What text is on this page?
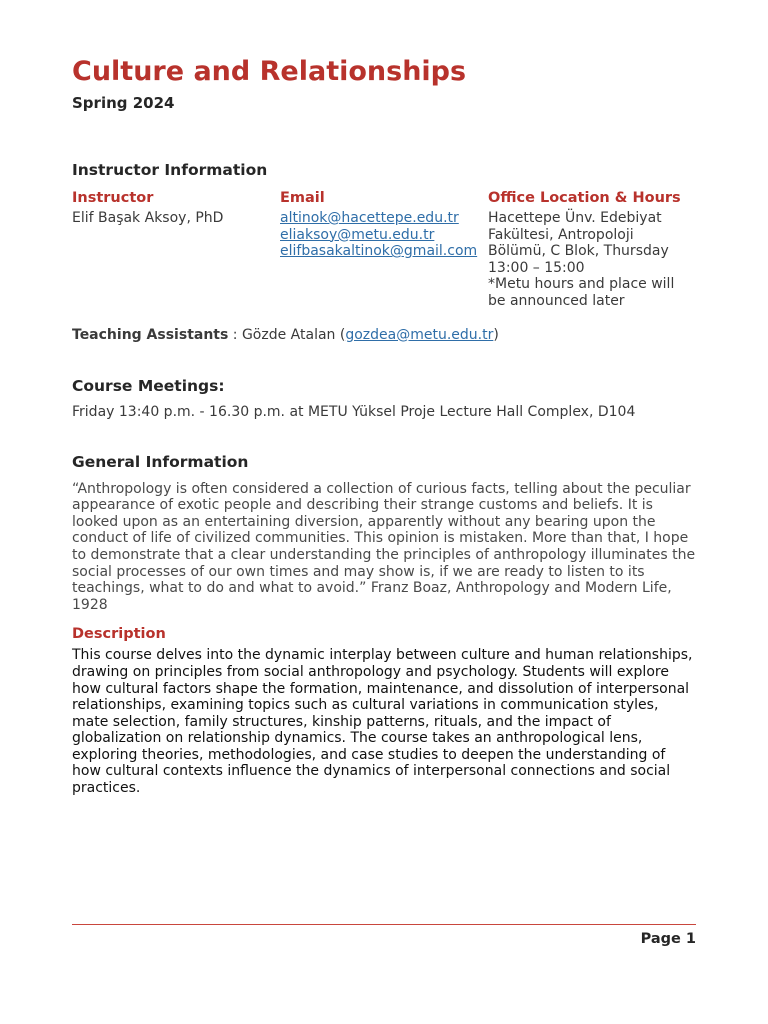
Culture and Relationships
Spring 2024
Instructor Information
Instructor
Elif Başak Aksoy, PhD
Email
altinok@hacettepe.edu.tr
eliaksoy@metu.edu.tr
elifbasakaltinok@gmail.com
Office Location & Hours
Hacettepe Ünv. Edebiyat
Fakültesi, Antropoloji
Bölümü, C Blok, Thursday
13:00 – 15:00
*Metu hours and place will
be announced later
Teaching Assistants : Gözde Atalan (gozdea@metu.edu.tr)
Course Meetings:
Friday 13:40 p.m. - 16.30 p.m. at METU Yüksel Proje Lecture Hall Complex, D104
General Information
“Anthropology is often considered a collection of curious facts, telling about the peculiar appearance of exotic people and describing their strange customs and beliefs. It is looked upon as an entertaining diversion, apparently without any bearing upon the conduct of life of civilized communities. This opinion is mistaken. More than that, I hope to demonstrate that a clear understanding the principles of anthropology illuminates the social processes of our own times and may show is, if we are ready to listen to its teachings, what to do and what to avoid.” Franz Boaz, Anthropology and Modern Life, 1928
Description
This course delves into the dynamic interplay between culture and human relationships, drawing on principles from social anthropology and psychology. Students will explore how cultural factors shape the formation, maintenance, and dissolution of interpersonal relationships, examining topics such as cultural variations in communication styles, mate selection, family structures, kinship patterns, rituals, and the impact of globalization on relationship dynamics. The course takes an anthropological lens, exploring theories, methodologies, and case studies to deepen the understanding of how cultural contexts influence the dynamics of interpersonal connections and social practices.
Page 1
